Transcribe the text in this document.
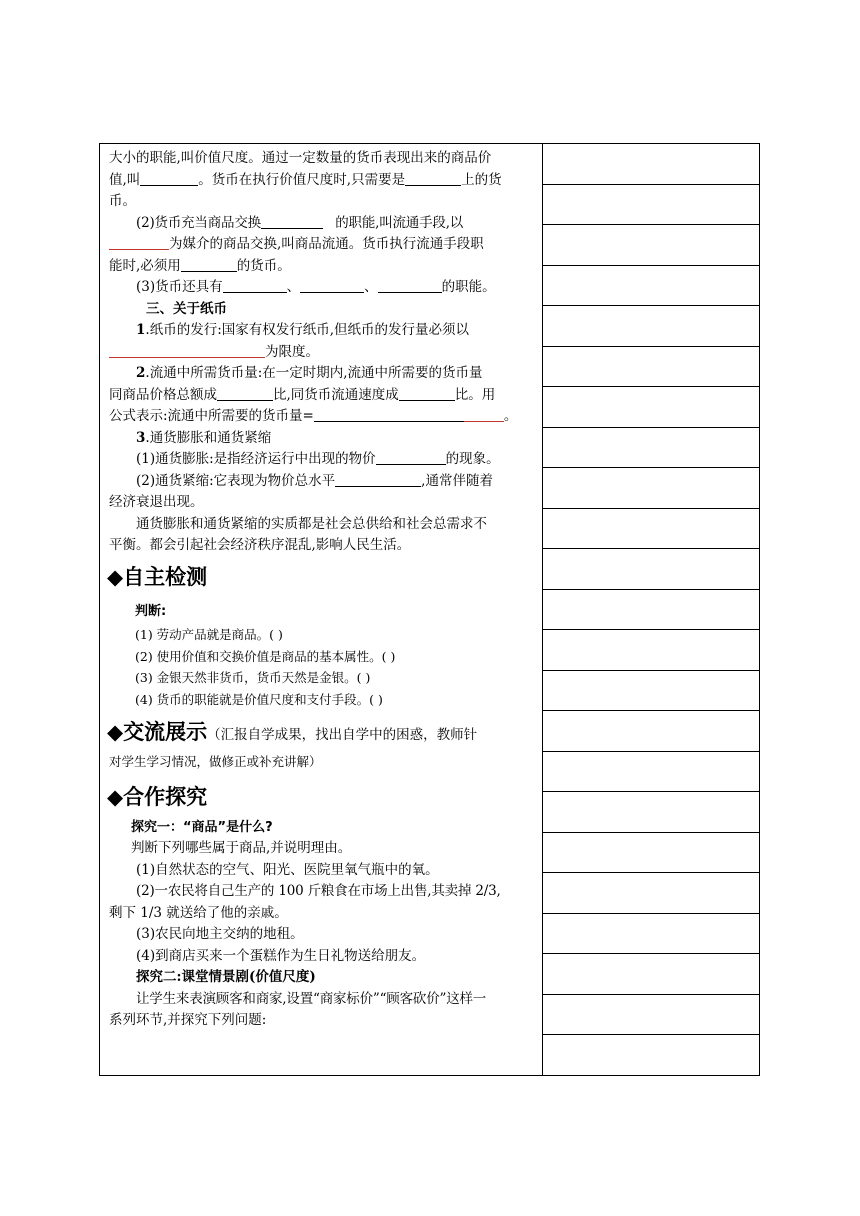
大小的职能,叫价值尺度。通过一定数量的货币表现出来的商品价

值,叫	。货币在执行价值尺度时,只需要是	上的货

币。

(2)货币充当商品交换	的职能,叫流通手段,以

为媒介的商品交换,叫商品流通。货币执行流通手段职

能时,必须用	的货币。

(3)货币还具有	、	、	的职能。

三、关于纸币

1.纸币的发行:国家有权发行纸币,但纸币的发行量必须以

为限度。

2.流通中所需货币量:在一定时期内,流通中所需要的货币量

同商品价格总额成	比,同货币流通速度成	比。用

公式表示:流通中所需要的货币量=	。

3.通货膨胀和通货紧缩

(1)通货膨胀:是指经济运行中出现的物价	的现象。

(2)通货紧缩:它表现为物价总水平	,通常伴随着

经济衰退出现。

通货膨胀和通货紧缩的实质都是社会总供给和社会总需求不

平衡。都会引起社会经济秩序混乱,影响人民生活。

◆自主检测

判断:

(1) 劳动产品就是商品。( )

(2) 使用价值和交换价值是商品的基本属性。( )

(3) 金银天然非货币，货币天然是金银。( )

(4) 货币的职能就是价值尺度和支付手段。( )

◆交流展示（汇报自学成果，找出自学中的困惑，教师针

对学生学习情况，做修正或补充讲解）

◆合作探究

探究一：“商品”是什么?

判断下列哪些属于商品,并说明理由。

(1)自然状态的空气、阳光、医院里氧气瓶中的氧。

(2)一农民将自己生产的 100 斤粮食在市场上出售,其卖掉 2/3,

剩下 1/3 就送给了他的亲戚。

(3)农民向地主交纳的地租。

(4)到商店买来一个蛋糕作为生日礼物送给朋友。

探究二:课堂情景剧(价值尺度)

让学生来表演顾客和商家,设置“商家标价”“顾客砍价”这样一

系列环节,并探究下列问题:
